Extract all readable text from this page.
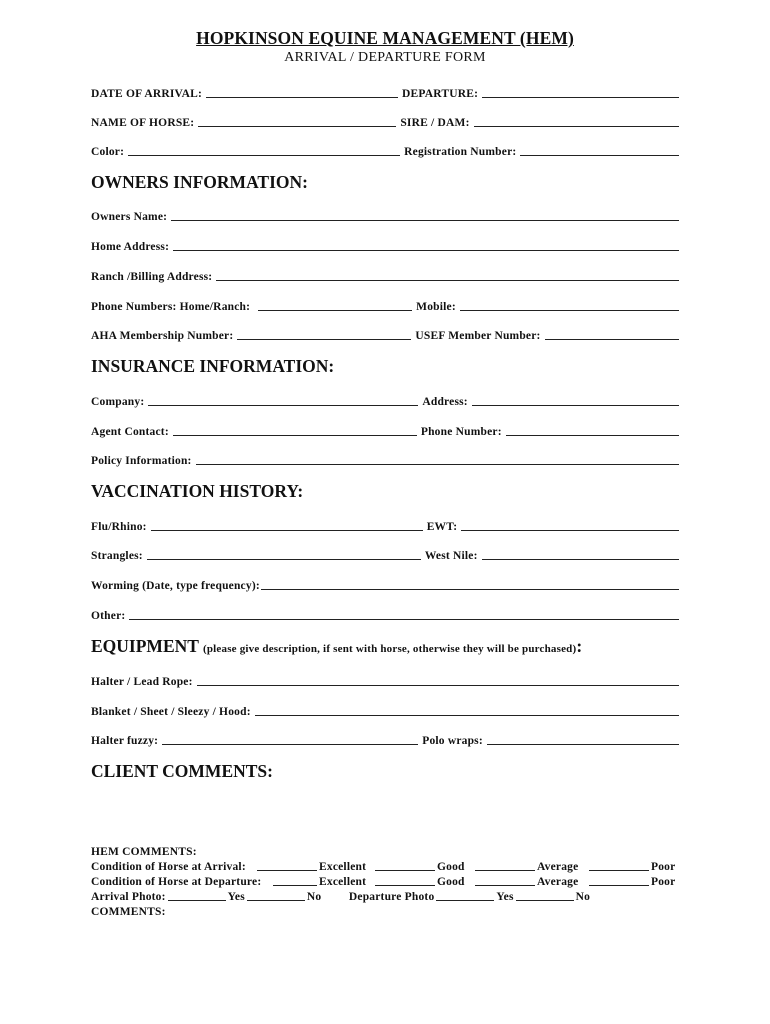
HOPKINSON EQUINE MANAGEMENT (HEM)
ARRIVAL / DEPARTURE FORM
DATE OF ARRIVAL:	DEPARTURE:
NAME OF HORSE:	SIRE / DAM:
Color:	Registration Number:
OWNERS INFORMATION:
Owners Name:
Home Address:
Ranch /Billing Address:
Phone Numbers: Home/Ranch:	Mobile:
AHA Membership Number:	USEF Member Number:
INSURANCE INFORMATION:
Company:	Address:
Agent Contact:	Phone Number:
Policy Information:
VACCINATION HISTORY:
Flu/Rhino:	EWT:
Strangles:	West Nile:
Worming (Date, type frequency):
Other:
EQUIPMENT (please give description, if sent with horse, otherwise they will be purchased):
Halter / Lead Rope:
Blanket / Sheet / Sleezy / Hood:
Halter fuzzy:	Polo wraps:
CLIENT COMMENTS:
HEM COMMENTS:
Condition of Horse at Arrival:	Excellent	Good	Average	Poor
Condition of Horse at Departure:	Excellent	Good	Average	Poor
Arrival Photo:	Yes	No	Departure Photo	Yes	No
COMMENTS:
